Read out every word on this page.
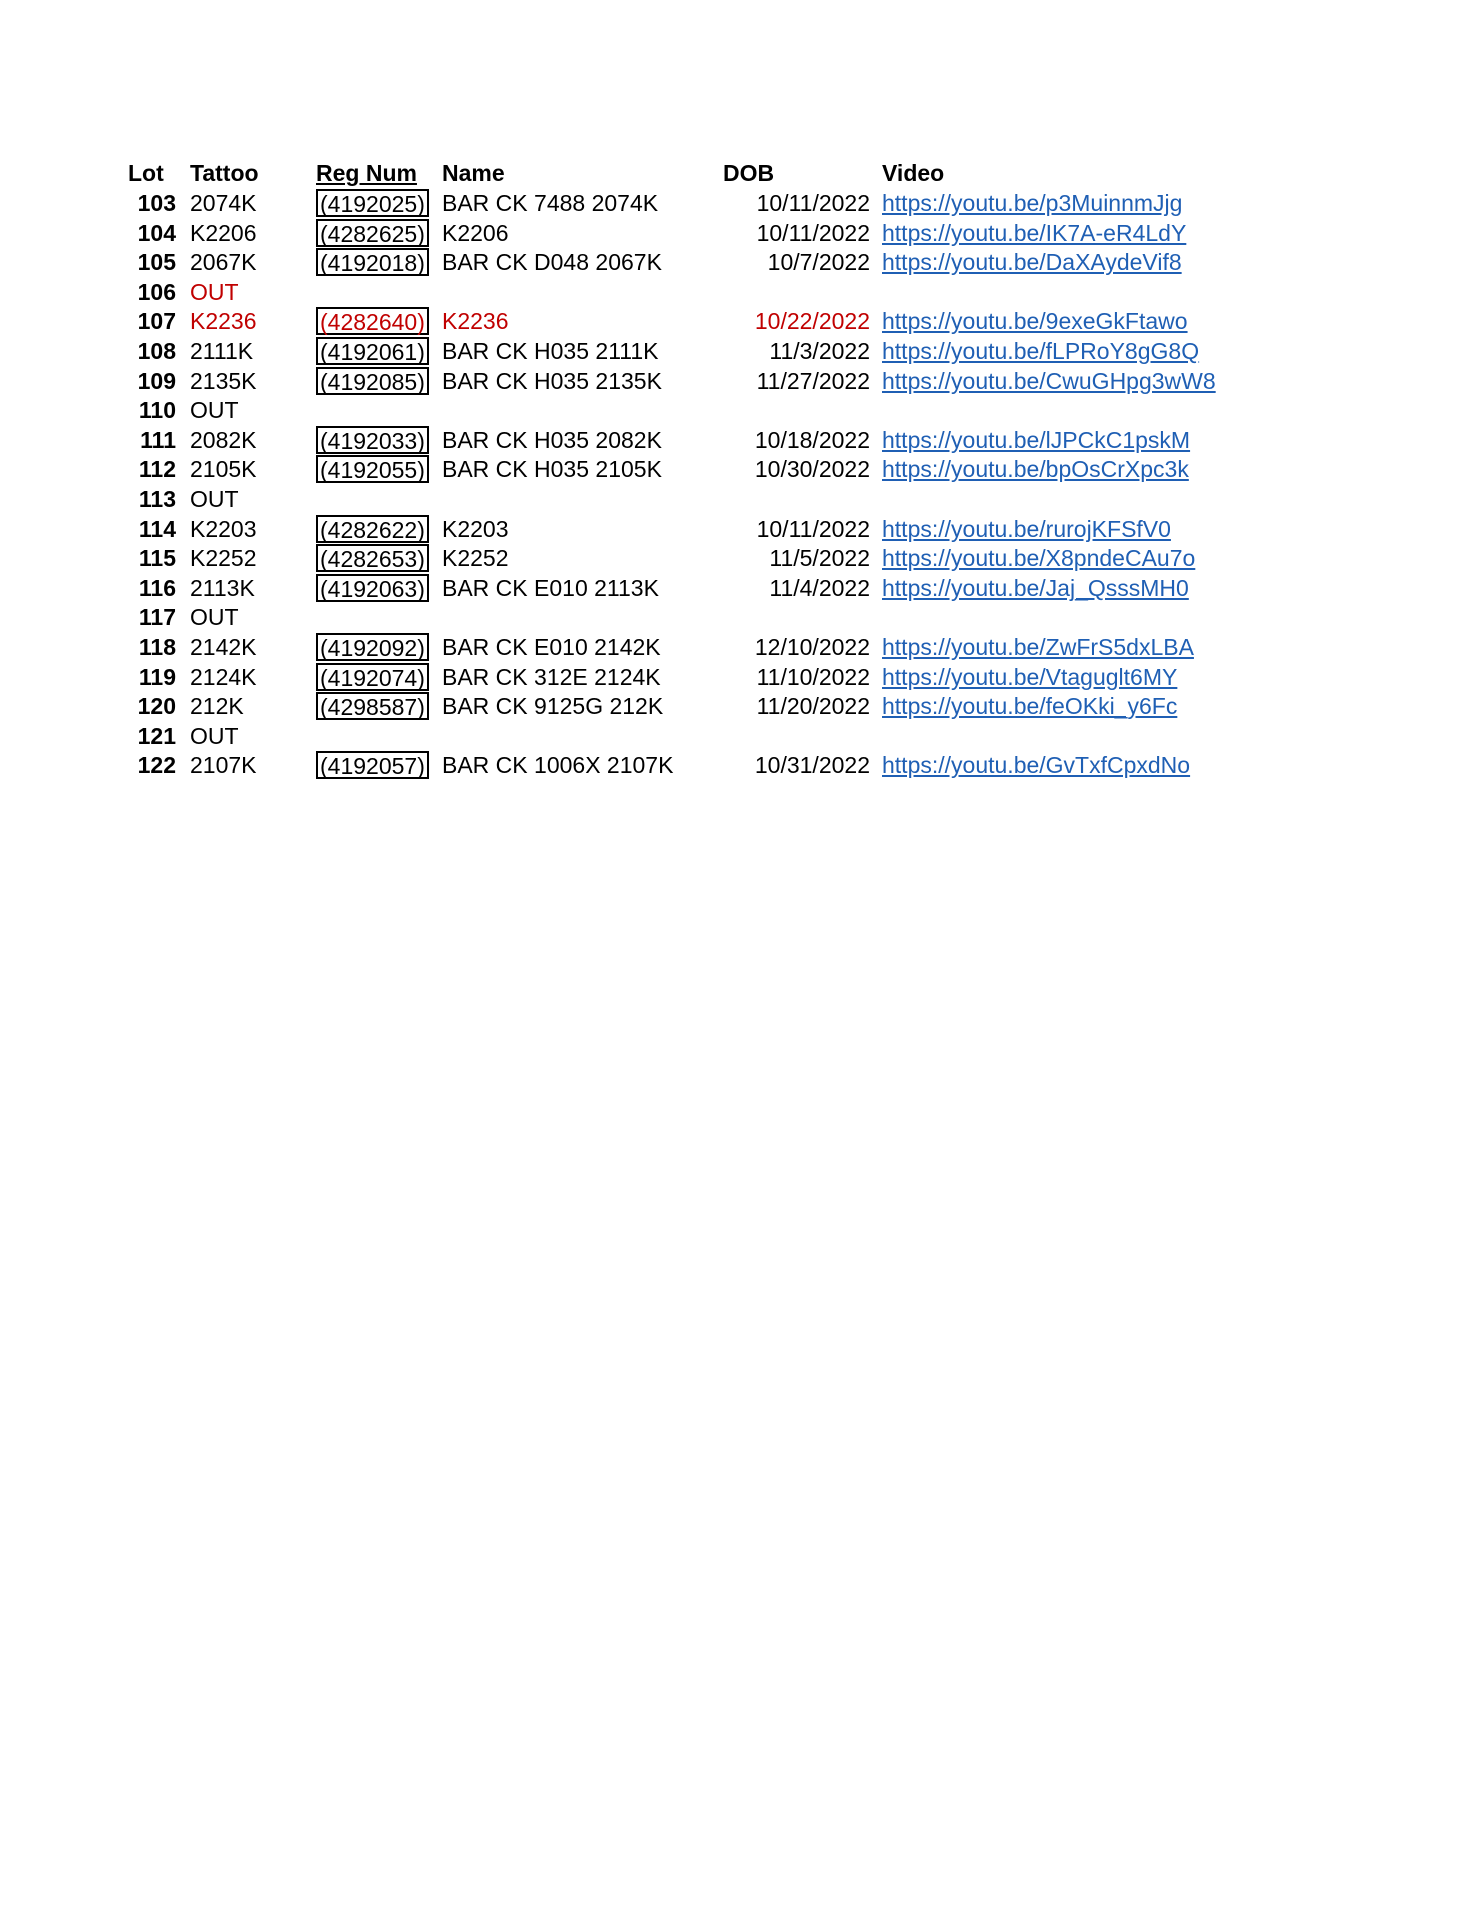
Lot	Tattoo	Reg Num	Name	DOB	Video
103 2074K	(4192025) BAR CK 7488 2074K	10/11/2022 https://youtu.be/p3MuinnmJjg
104 K2206	(4282625) K2206	10/11/2022 https://youtu.be/IK7A-eR4LdY
105 2067K	(4192018) BAR CK D048 2067K	10/7/2022 https://youtu.be/DaXAydeVif8
106 OUT
107 K2236	(4282640) K2236	10/22/2022 https://youtu.be/9exeGkFtawo
108 2111K	(4192061) BAR CK H035 2111K	11/3/2022 https://youtu.be/fLPRoY8gG8Q
109 2135K	(4192085) BAR CK H035 2135K	11/27/2022 https://youtu.be/CwuGHpg3wW8
110 OUT
111 2082K	(4192033) BAR CK H035 2082K	10/18/2022 https://youtu.be/lJPCkC1pskM
112 2105K	(4192055) BAR CK H035 2105K	10/30/2022 https://youtu.be/bpOsCrXpc3k
113 OUT
114 K2203	(4282622) K2203	10/11/2022 https://youtu.be/rurojKFSfV0
115 K2252	(4282653) K2252	11/5/2022 https://youtu.be/X8pndeCAu7o
116 2113K	(4192063) BAR CK E010 2113K	11/4/2022 https://youtu.be/Jaj_QsssMH0
117 OUT
118 2142K	(4192092) BAR CK E010 2142K	12/10/2022 https://youtu.be/ZwFrS5dxLBA
119 2124K	(4192074) BAR CK 312E 2124K	11/10/2022 https://youtu.be/Vtaguglt6MY
120 212K	(4298587) BAR CK 9125G 212K	11/20/2022 https://youtu.be/feOKki_y6Fc
121 OUT
122 2107K	(4192057) BAR CK 1006X 2107K	10/31/2022 https://youtu.be/GvTxfCpxdNo
